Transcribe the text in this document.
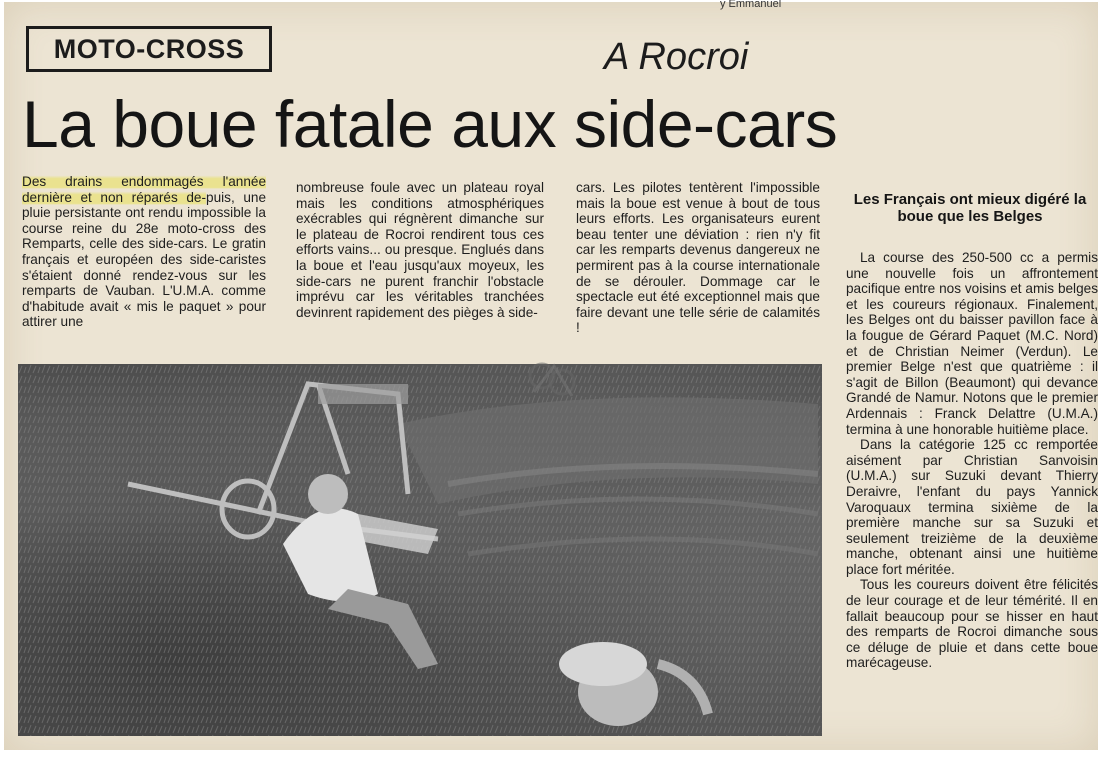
y Emmanuel
MOTO-CROSS	A Rocroi
La boue fatale aux side-cars
Des drains endommagés l'année dernière et non réparés de-puis, une pluie persistante ont rendu impossible la course reine du 28e moto-cross des Remparts, celle des side-cars. Le gratin français et européen des side-caristes s'étaient donné rendez-vous sur les remparts de Vauban. L'U.M.A. comme d'habitude avait « mis le paquet » pour attirer une
nombreuse foule avec un plateau royal mais les conditions atmosphériques exécrables qui régnèrent dimanche sur le plateau de Rocroi rendirent tous ces efforts vains... ou presque. Englués dans la boue et l'eau jusqu'aux moyeux, les side-cars ne purent franchir l'obstacle imprévu car les véritables tranchées devinrent rapidement des pièges à side-
cars. Les pilotes tentèrent l'impossible mais la boue est venue à bout de tous leurs efforts. Les organisateurs eurent beau tenter une déviation : rien n'y fit car les remparts devenus dangereux ne permirent pas à la course internationale de se dérouler. Dommage car le spectacle eut été exceptionnel mais que faire devant une telle série de calamités !
Les Français ont mieux digéré la boue que les Belges
La course des 250-500 cc a permis une nouvelle fois un affrontement pacifique entre nos voisins et amis belges et les coureurs régionaux. Finalement, les Belges ont du baisser pavillon face à la fougue de Gérard Paquet (M.C. Nord) et de Christian Neimer (Verdun). Le premier Belge n'est que quatrième : il s'agit de Billon (Beaumont) qui devance Grandé de Namur. Notons que le premier Ardennais : Franck Delattre (U.M.A.) termina à une honorable huitième place.
Dans la catégorie 125 cc remportée aisément par Christian Sanvoisin (U.M.A.) sur Suzuki devant Thierry Deraivre, l'enfant du pays Yannick Varoquaux termina sixième de la première manche sur sa Suzuki et seulement treizième de la deuxième manche, obtenant ainsi une huitième place fort méritée.
Tous les coureurs doivent être félicités de leur courage et de leur témérité. Il en fallait beaucoup pour se hisser en haut des remparts de Rocroi dimanche sous ce déluge de pluie et dans cette boue marécageuse.
